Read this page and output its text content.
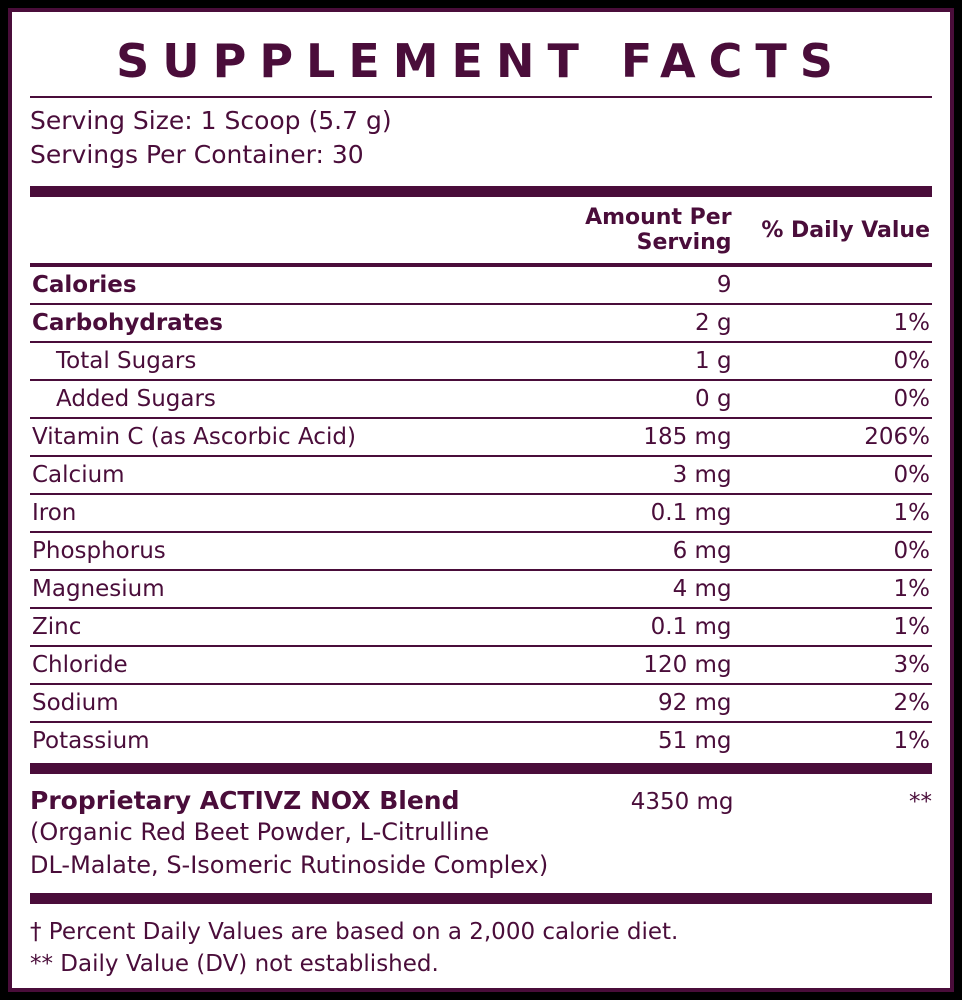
SUPPLEMENT FACTS
Serving Size: 1 Scoop (5.7 g)
Servings Per Container: 30
	Amount Per Serving	% Daily Value
Calories	9	
Carbohydrates	2 g	1%
Total Sugars	1 g	0%
Added Sugars	0 g	0%
Vitamin C (as Ascorbic Acid)	185 mg	206%
Calcium	3 mg	0%
Iron	0.1 mg	1%
Phosphorus	6 mg	0%
Magnesium	4 mg	1%
Zinc	0.1 mg	1%
Chloride	120 mg	3%
Sodium	92 mg	2%
Potassium	51 mg	1%
Proprietary ACTIVZ NOX Blend	4350 mg	**
(Organic Red Beet Powder, L-Citrulline
DL-Malate, S-Isomeric Rutinoside Complex)
† Percent Daily Values are based on a 2,000 calorie diet.
** Daily Value (DV) not established.
